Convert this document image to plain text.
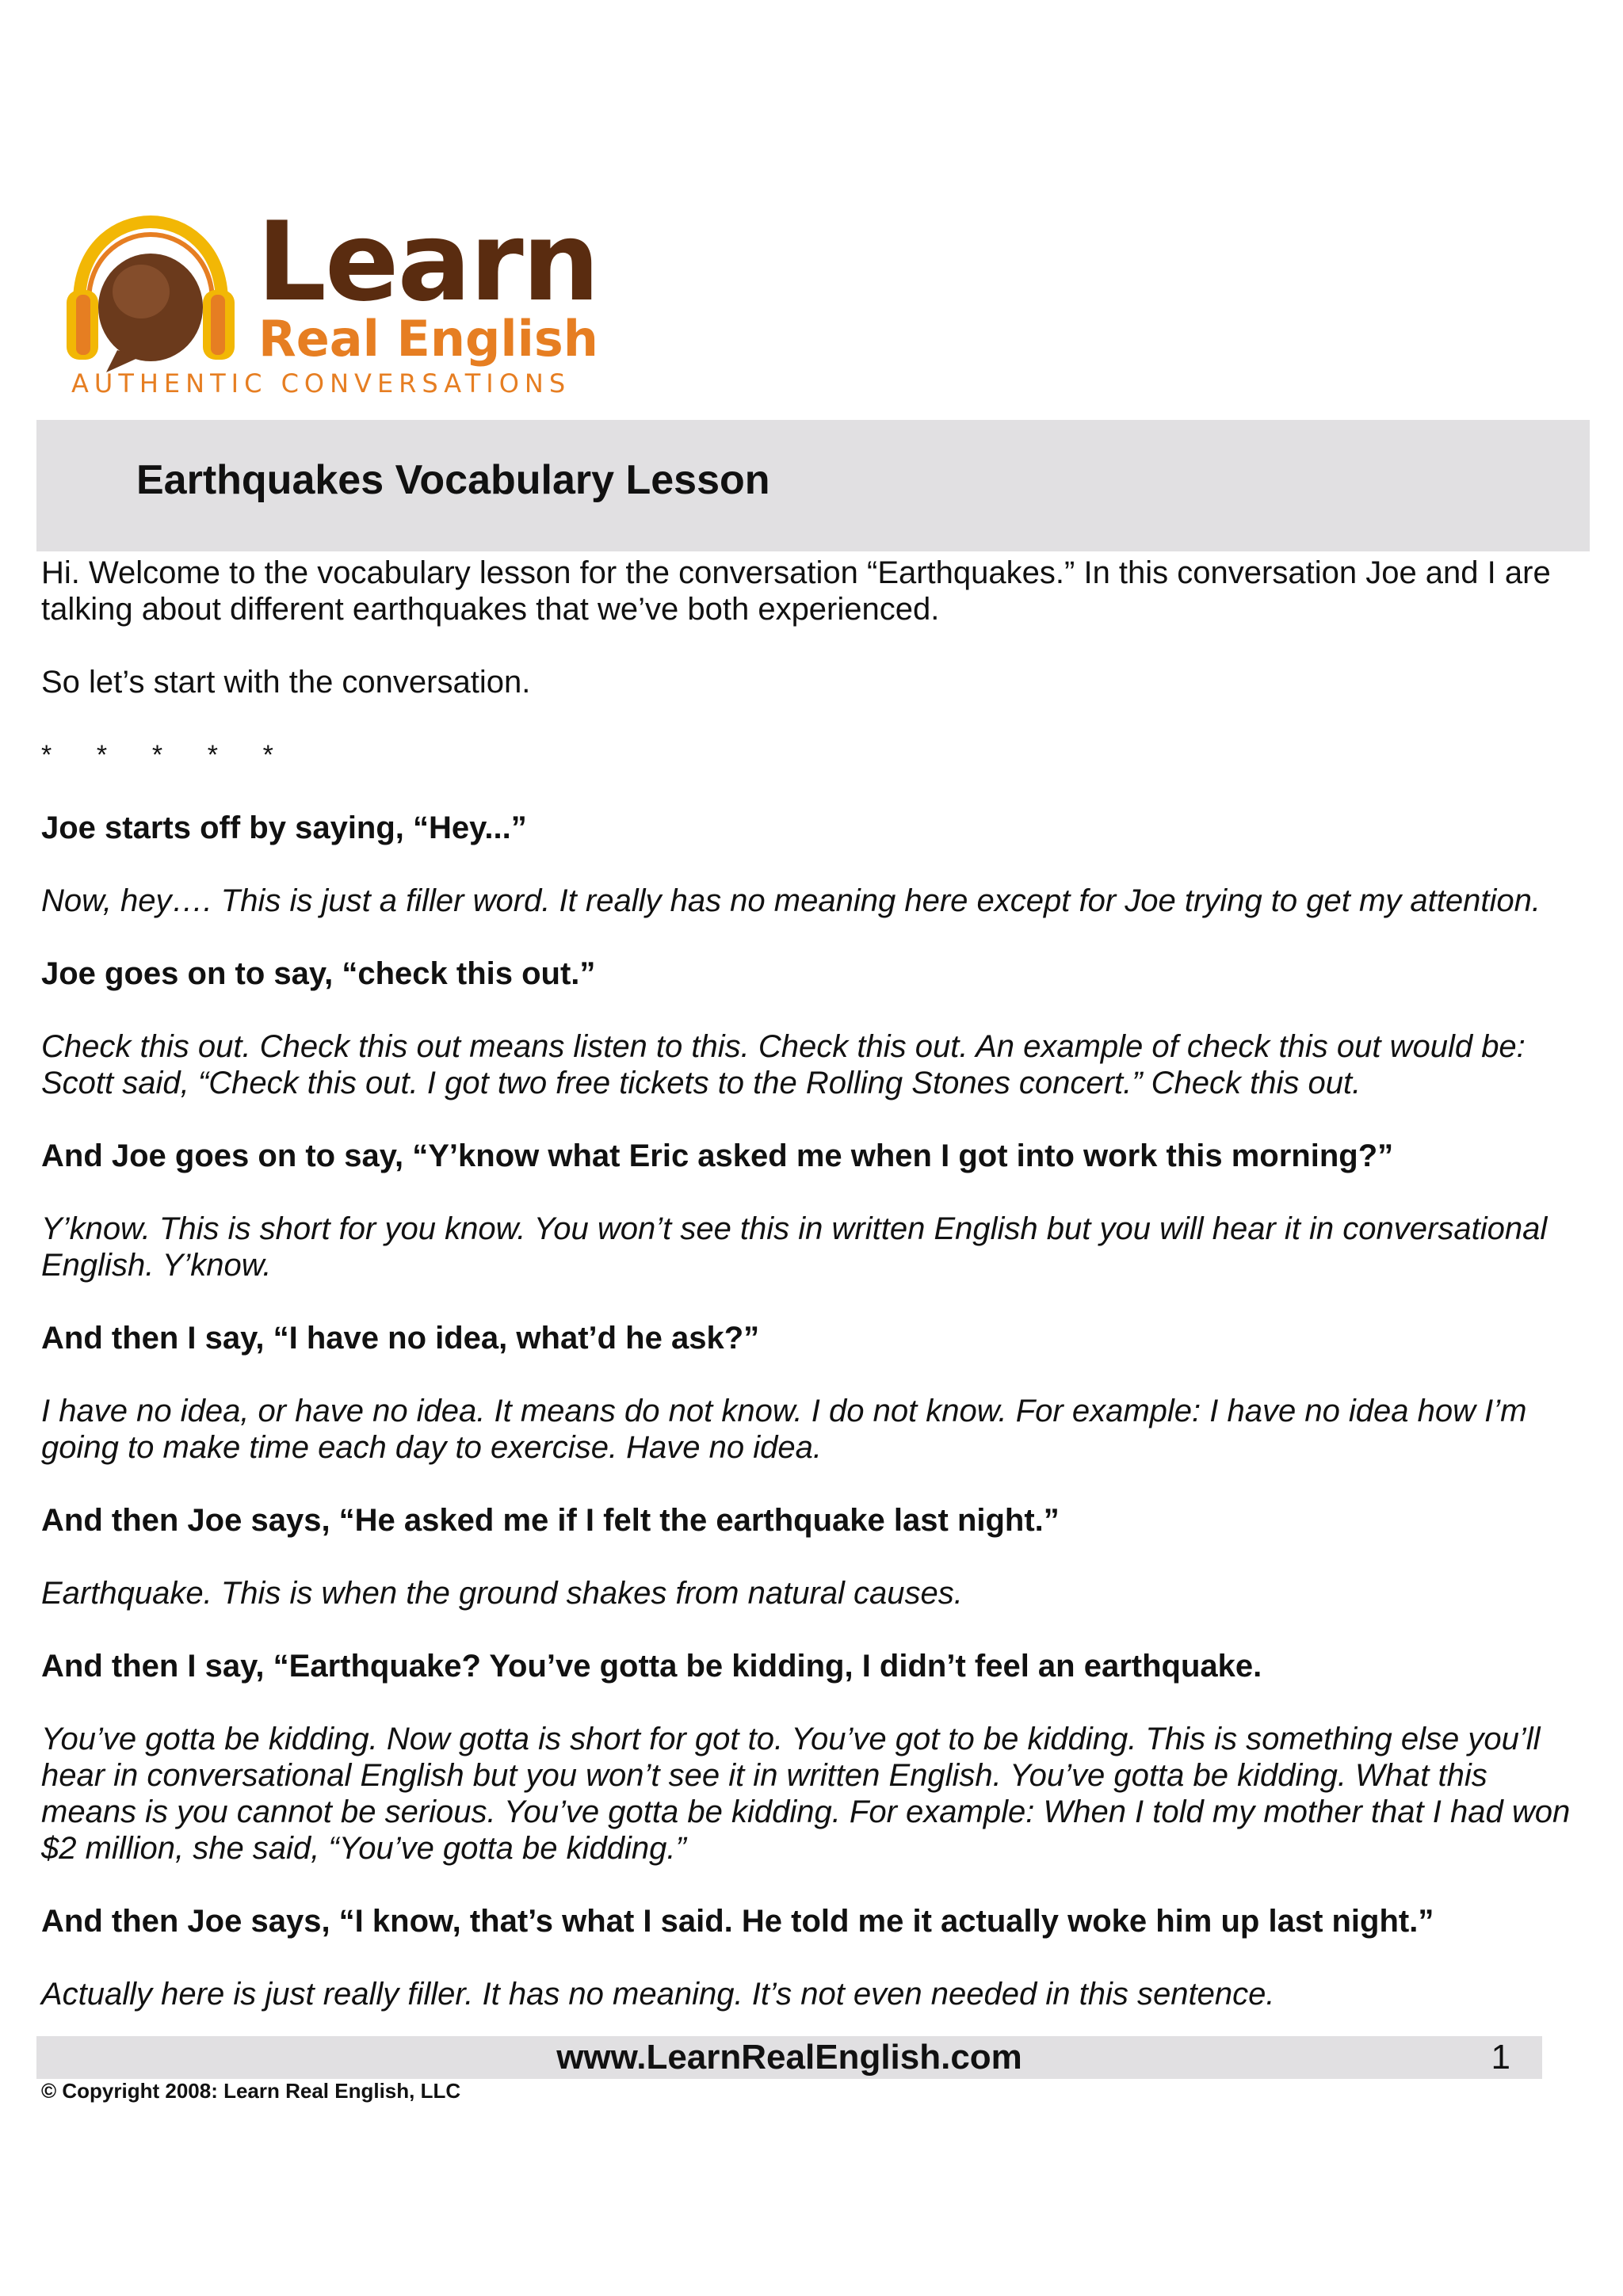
Learn
Real English
AUTHENTIC CONVERSATIONS
Earthquakes Vocabulary Lesson

Hi. Welcome to the vocabulary lesson for the conversation “Earthquakes.” In this conversation Joe and I are talking about different earthquakes that we’ve both experienced.

So let’s start with the conversation.

*      *      *      *      *

Joe starts off by saying, “Hey...”

Now, hey…. This is just a filler word. It really has no meaning here except for Joe trying to get my attention.

Joe goes on to say, “check this out.”

Check this out. Check this out means listen to this. Check this out. An example of check this out would be: Scott said, “Check this out. I got two free tickets to the Rolling Stones concert.” Check this out.

And Joe goes on to say, “Y’know what Eric asked me when I got into work this morning?”

Y’know. This is short for you know. You won’t see this in written English but you will hear it in conversational English. Y’know.

And then I say, “I have no idea, what’d he ask?”

I have no idea, or have no idea. It means do not know. I do not know. For example: I have no idea how I’m going to make time each day to exercise. Have no idea.

And then Joe says, “He asked me if I felt the earthquake last night.”

Earthquake. This is when the ground shakes from natural causes.

And then I say, “Earthquake? You’ve gotta be kidding, I didn’t feel an earthquake.

You’ve gotta be kidding. Now gotta is short for got to. You’ve got to be kidding. This is something else you’ll hear in conversational English but you won’t see it in written English. You’ve gotta be kidding. What this means is you cannot be serious. You’ve gotta be kidding. For example: When I told my mother that I had won $2 million, she said, “You’ve gotta be kidding.”

And then Joe says, “I know, that’s what I said. He told me it actually woke him up last night.”

Actually here is just really filler. It has no meaning. It’s not even needed in this sentence.

www.LearnRealEnglish.com	1
© Copyright 2008: Learn Real English, LLC
